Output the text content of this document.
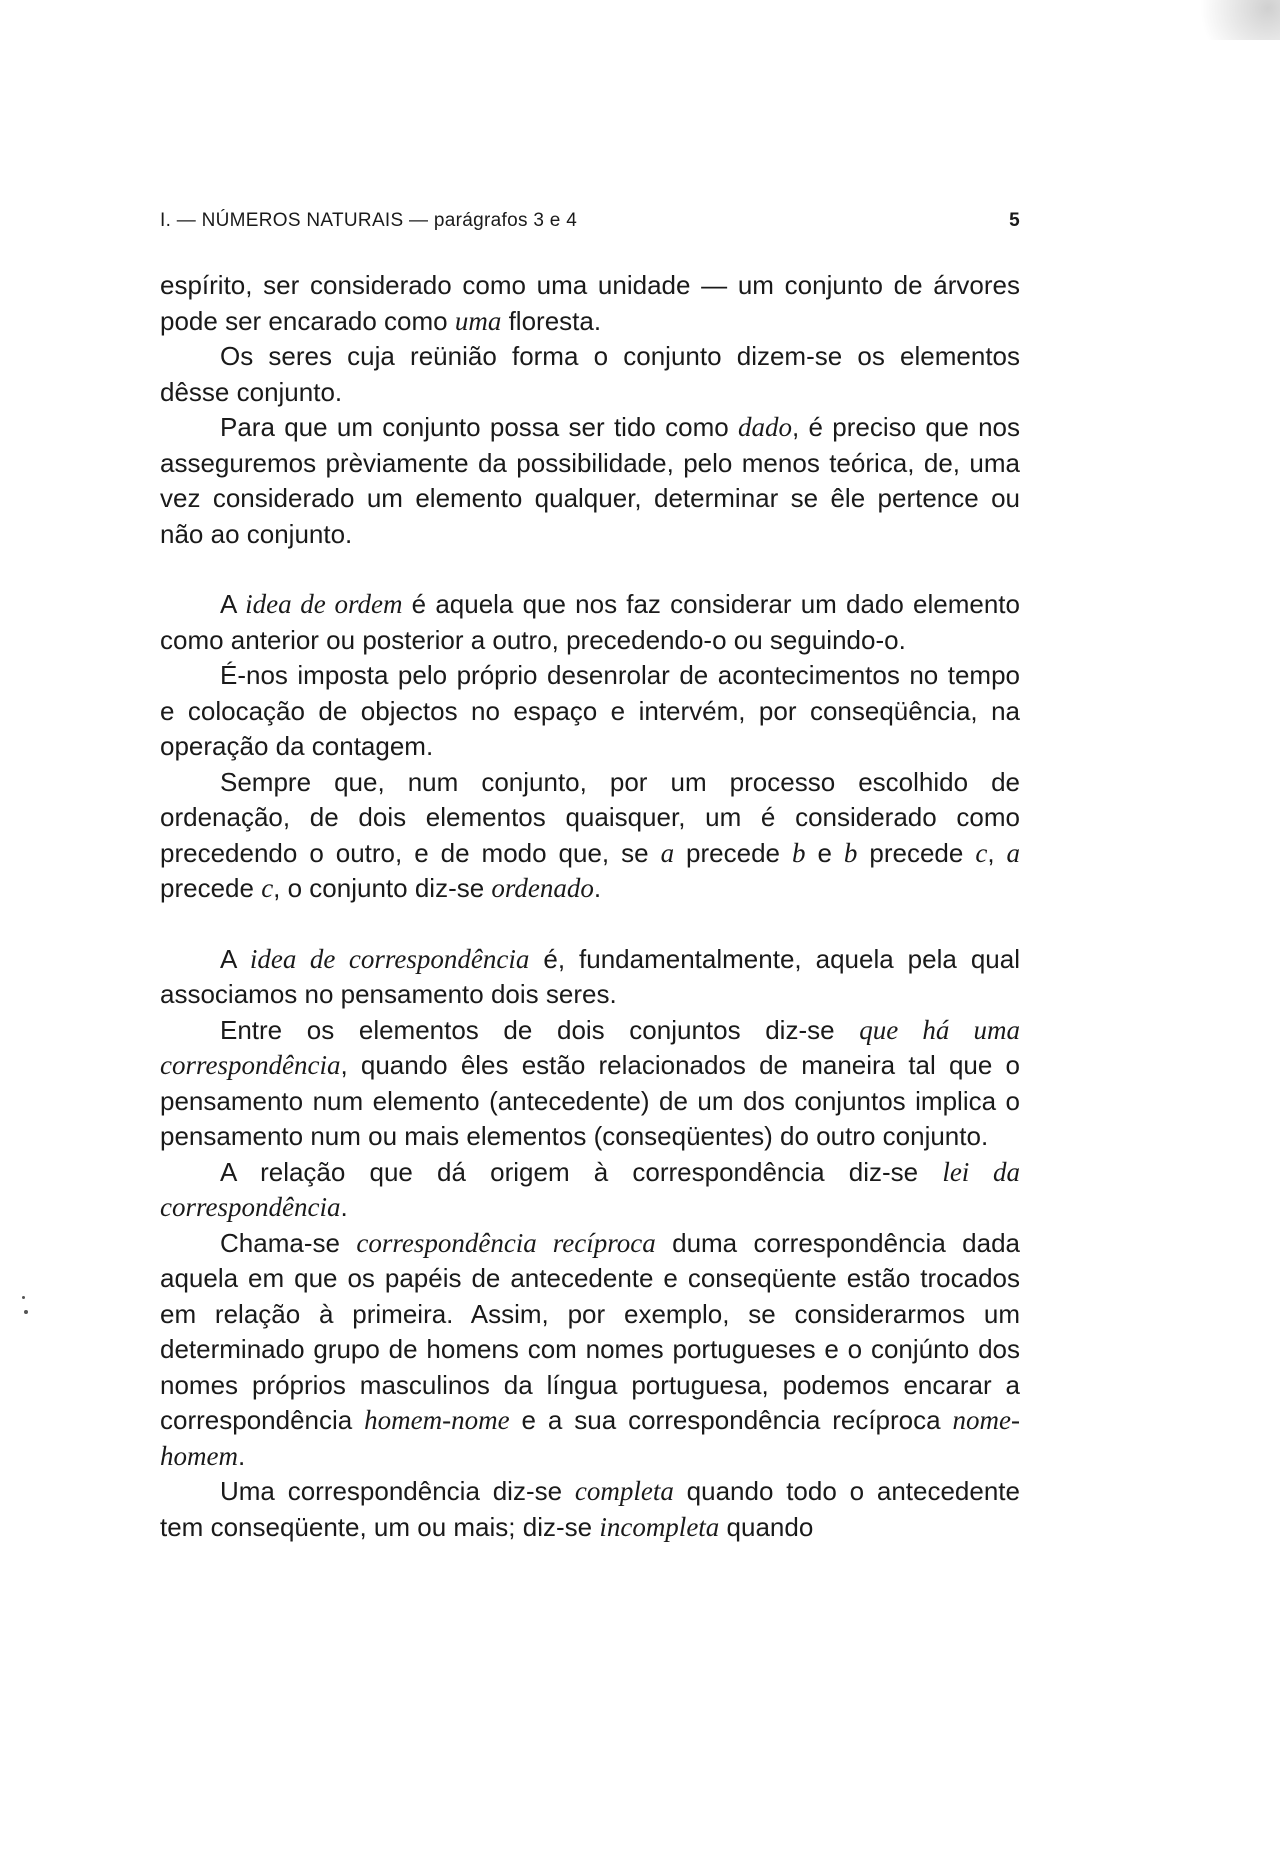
I. — NÚMEROS NATURAIS — parágrafos 3 e 4	5

espírito, ser considerado como uma unidade — um conjunto de árvores pode ser encarado como uma floresta.

Os seres cuja reünião forma o conjunto dizem-se os elementos dêsse conjunto.

Para que um conjunto possa ser tido como dado, é preciso que nos asseguremos prèviamente da possibilidade, pelo menos teórica, de, uma vez considerado um elemento qualquer, determinar se êle pertence ou não ao conjunto.

A idea de ordem é aquela que nos faz considerar um dado elemento como anterior ou posterior a outro, precedendo-o ou seguindo-o.

É-nos imposta pelo próprio desenrolar de acontecimentos no tempo e colocação de objectos no espaço e intervém, por conseqüência, na operação da contagem.

Sempre que, num conjunto, por um processo escolhido de ordenação, de dois elementos quaisquer, um é considerado como precedendo o outro, e de modo que, se a precede b e b precede c, a precede c, o conjunto diz-se ordenado.

A idea de correspondência é, fundamentalmente, aquela pela qual associamos no pensamento dois seres.

Entre os elementos de dois conjuntos diz-se que há uma correspondência, quando êles estão relacionados de maneira tal que o pensamento num elemento (antecedente) de um dos conjuntos implica o pensamento num ou mais elementos (conseqüentes) do outro conjunto.

A relação que dá origem à correspondência diz-se lei da correspondência.

Chama-se correspondência recíproca duma correspondência dada aquela em que os papéis de antecedente e conseqüente estão trocados em relação à primeira. Assim, por exemplo, se considerarmos um determinado grupo de homens com nomes portugueses e o conjúnto dos nomes próprios masculinos da língua portuguesa, podemos encarar a correspondência homem-nome e a sua correspondência recíproca nome-homem.

Uma correspondência diz-se completa quando todo o antecedente tem conseqüente, um ou mais; diz-se incompleta quando
